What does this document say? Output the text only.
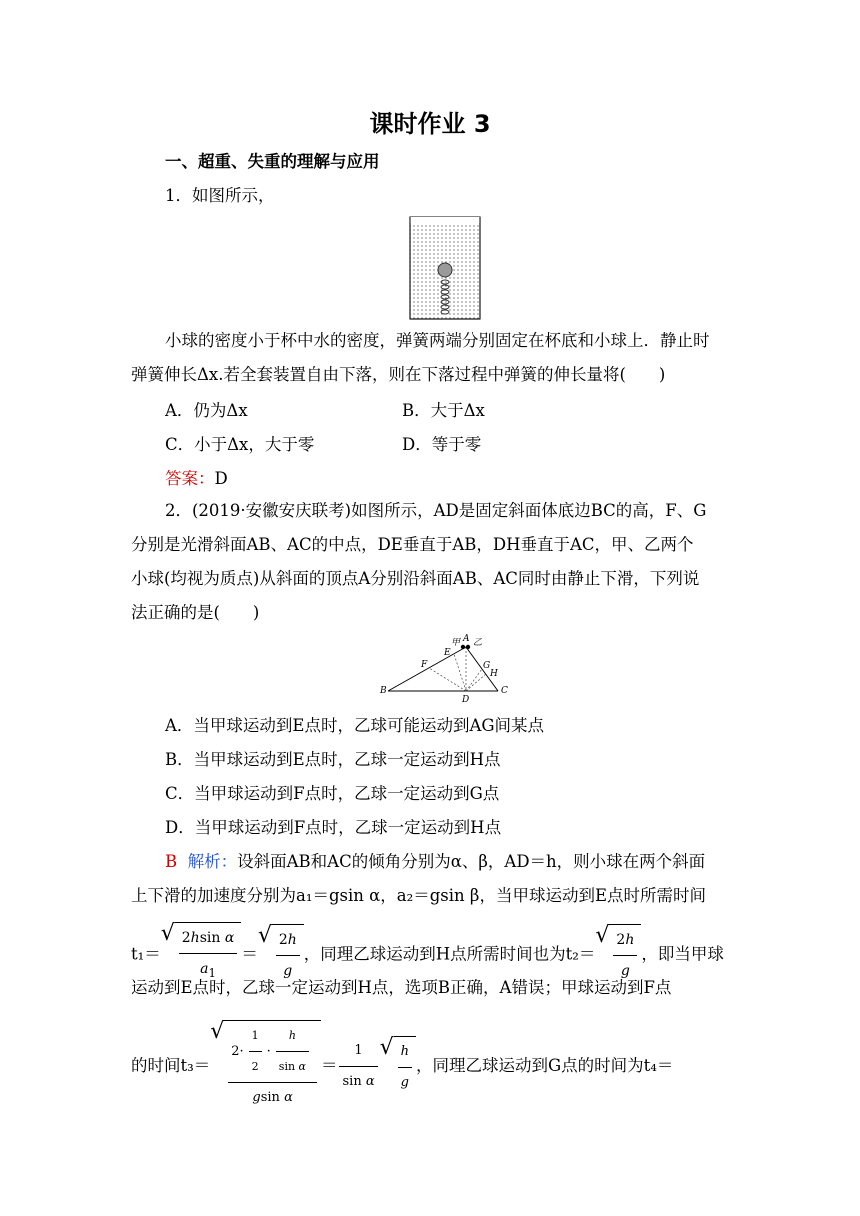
课时作业 3
一、超重、失重的理解与应用
1．如图所示，
小球的密度小于杯中水的密度，弹簧两端分别固定在杯底和小球上．静止时
弹簧伸长Δx.若全套装置自由下落，则在下落过程中弹簧的伸长量将(　　)
A．仍为Δx	B．大于Δx
C．小于Δx，大于零	D．等于零
答案：D
2．(2019·安徽安庆联考)如图所示，AD是固定斜面体底边BC的高，F、G
分别是光滑斜面AB、AC的中点，DE垂直于AB，DH垂直于AC，甲、乙两个
小球(均视为质点)从斜面的顶点A分别沿斜面AB、AC同时由静止下滑，下列说
法正确的是(　　)
甲 乙
A
B	C
D
E
F	G
H
A．当甲球运动到E点时，乙球可能运动到AG间某点
B．当甲球运动到E点时，乙球一定运动到H点
C．当甲球运动到F点时，乙球一定运动到G点
D．当甲球运动到F点时，乙球一定运动到H点
B 解析：设斜面AB和AC的倾角分别为α、β，AD＝h，则小球在两个斜面
上下滑的加速度分别为a₁＝gsin α，a₂＝gsin β，当甲球运动到E点时所需时间
t₁＝ √ $\frac{\text{2hsin α}}{a_1}$ ＝ √ $\frac{2h}{g}$ ，同理乙球运动到H点所需时间也为t₂＝ √ $\frac{2h}{g}$ ，即当甲球
运动到E点时，乙球一定运动到H点，选项B正确，A错误；甲球运动到F点
的时间t₃＝ √ $\frac{2\cdot \frac{1}{2} \cdot \frac{h}{\text{sin α}}}{\text{gsin α}} = \frac{1}{\text{sin α}}$ √ $\frac{h}{g}$ ，同理乙球运动到G点的时间为t₄＝
